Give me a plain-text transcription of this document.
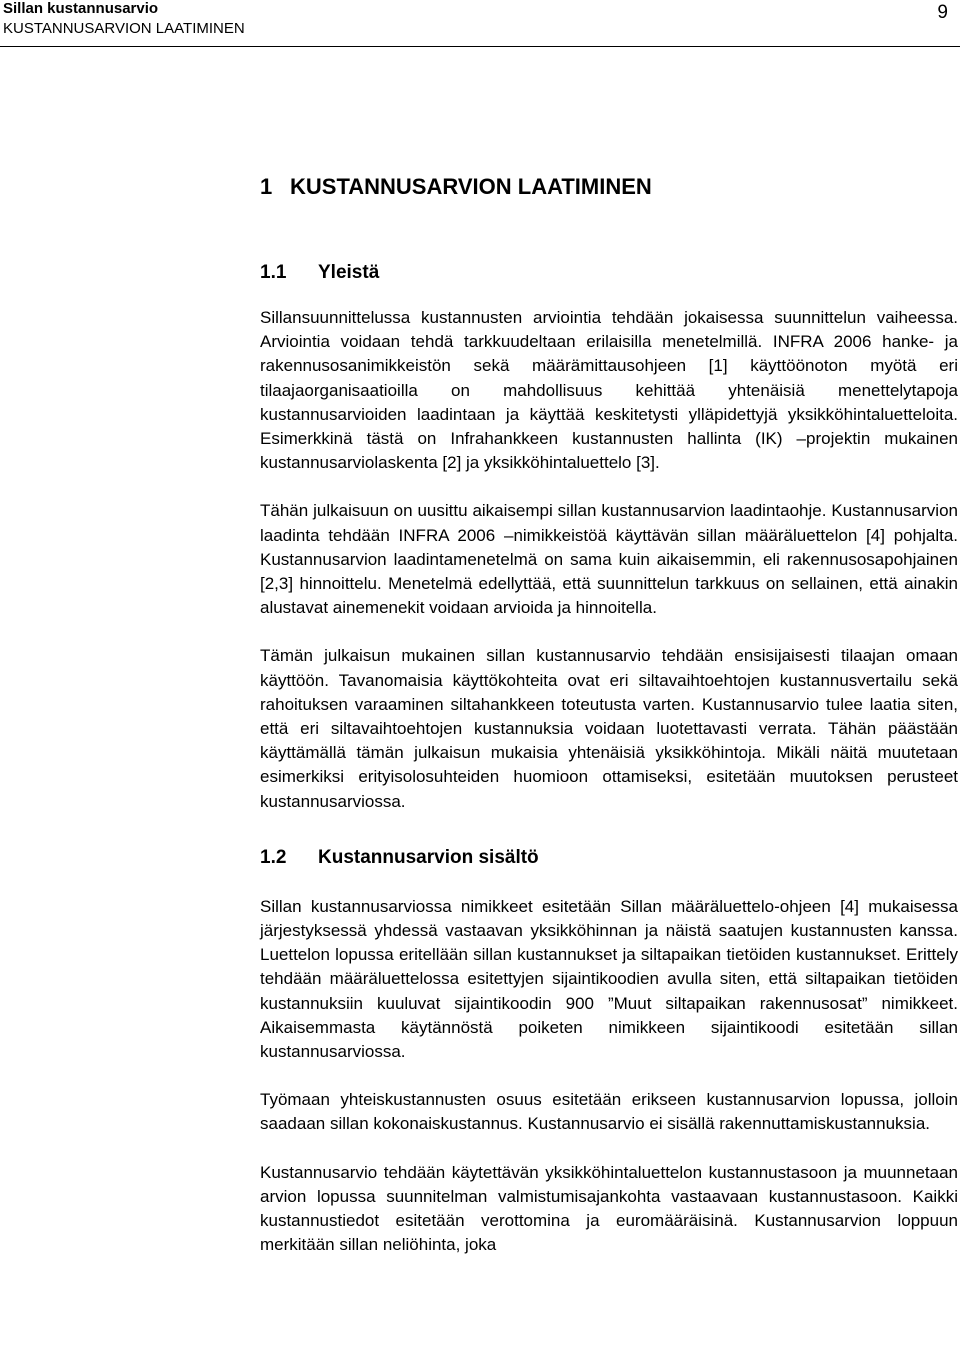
Sillan kustannusarvio
KUSTANNUSARVION LAATIMINEN
9
1 KUSTANNUSARVION LAATIMINEN
1.1 Yleistä

Sillansuunnittelussa kustannusten arviointia tehdään jokaisessa suunnittelun vaiheessa. Arviointia voidaan tehdä tarkkuudeltaan erilaisilla menetelmillä. INFRA 2006 hanke- ja rakennusosanimikkeistön sekä määrämittausohjeen [1] käyttöönoton myötä eri tilaajaorganisaatioilla on mahdollisuus kehittää yhtenäisiä menettelytapoja kustannusarvioiden laadintaan ja käyttää keskitetysti ylläpidettyjä yksikköhintaluetteloita. Esimerkkinä tästä on Infrahankkeen kustannusten hallinta (IK) –projektin mukainen kustannusarviolaskenta [2] ja yksikköhintaluettelo [3].

Tähän julkaisuun on uusittu aikaisempi sillan kustannusarvion laadintaohje. Kustannusarvion laadinta tehdään INFRA 2006 –nimikkeistöä käyttävän sillan määräluettelon [4] pohjalta. Kustannusarvion laadintamenetelmä on sama kuin aikaisemmin, eli rakennusosapohjainen [2,3] hinnoittelu. Menetelmä edellyttää, että suunnittelun tarkkuus on sellainen, että ainakin alustavat ainemenekit voidaan arvioida ja hinnoitella.

Tämän julkaisun mukainen sillan kustannusarvio tehdään ensisijaisesti tilaajan omaan käyttöön. Tavanomaisia käyttökohteita ovat eri siltavaihtoehtojen kustannusvertailu sekä rahoituksen varaaminen siltahankkeen toteutusta varten. Kustannusarvio tulee laatia siten, että eri siltavaihtoehtojen kustannuksia voidaan luotettavasti verrata. Tähän päästään käyttämällä tämän julkaisun mukaisia yhtenäisiä yksikköhintoja. Mikäli näitä muutetaan esimerkiksi erityisolosuhteiden huomioon ottamiseksi, esitetään muutoksen perusteet kustannusarviossa.

1.2 Kustannusarvion sisältö

Sillan kustannusarviossa nimikkeet esitetään Sillan määräluettelo-ohjeen [4] mukaisessa järjestyksessä yhdessä vastaavan yksikköhinnan ja näistä saatujen kustannusten kanssa. Luettelon lopussa eritellään sillan kustannukset ja siltapaikan tietöiden kustannukset. Erittely tehdään määräluettelossa esitettyjen sijaintikoodien avulla siten, että siltapaikan tietöiden kustannuksiin kuuluvat sijaintikoodin 900 ”Muut siltapaikan rakennusosat” nimikkeet. Aikaisemmasta käytännöstä poiketen nimikkeen sijaintikoodi esitetään sillan kustannusarviossa.

Työmaan yhteiskustannusten osuus esitetään erikseen kustannusarvion lopussa, jolloin saadaan sillan kokonaiskustannus. Kustannusarvio ei sisällä rakennuttamiskustannuksia.

Kustannusarvio tehdään käytettävän yksikköhintaluettelon kustannustasoon ja muunnetaan arvion lopussa suunnitelman valmistumisajankohta vastaavaan kustannustasoon. Kaikki kustannustiedot esitetään verottomina ja euromääräisinä. Kustannusarvion loppuun merkitään sillan neliöhinta, joka
